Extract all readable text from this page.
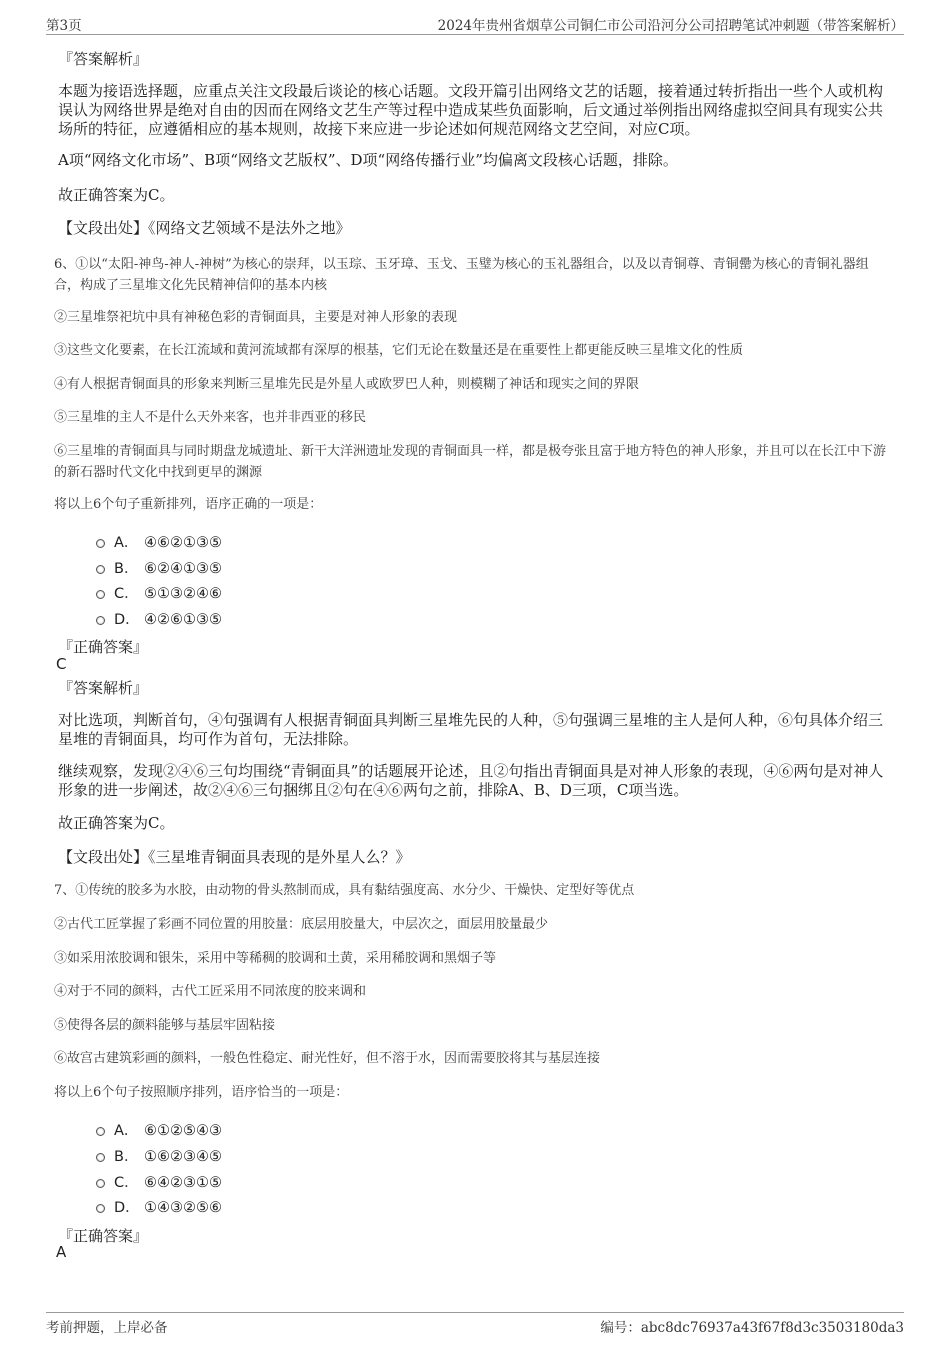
第3页	2024年贵州省烟草公司铜仁市公司沿河分公司招聘笔试冲刺题（带答案解析）
『答案解析』
本题为接语选择题，应重点关注文段最后谈论的核心话题。文段开篇引出网络文艺的话题，接着通过转折指出一些个人或机构误认为网络世界是绝对自由的因而在网络文艺生产等过程中造成某些负面影响，后文通过举例指出网络虚拟空间具有现实公共场所的特征，应遵循相应的基本规则，故接下来应进一步论述如何规范网络文艺空间，对应C项。
A项“网络文化市场”、B项“网络文艺版权”、D项“网络传播行业”均偏离文段核心话题，排除。
故正确答案为C。
【文段出处】《网络文艺领域不是法外之地》
6、①以“太阳-神鸟-神人-神树”为核心的崇拜，以玉琮、玉牙璋、玉戈、玉璧为核心的玉礼器组合，以及以青铜尊、青铜罍为核心的青铜礼器组合，构成了三星堆文化先民精神信仰的基本内核
②三星堆祭祀坑中具有神秘色彩的青铜面具，主要是对神人形象的表现
③这些文化要素，在长江流域和黄河流域都有深厚的根基，它们无论在数量还是在重要性上都更能反映三星堆文化的性质
④有人根据青铜面具的形象来判断三星堆先民是外星人或欧罗巴人种，则模糊了神话和现实之间的界限
⑤三星堆的主人不是什么天外来客，也并非西亚的移民
⑥三星堆的青铜面具与同时期盘龙城遗址、新干大洋洲遗址发现的青铜面具一样，都是极夸张且富于地方特色的神人形象，并且可以在长江中下游的新石器时代文化中找到更早的渊源
将以上6个句子重新排列，语序正确的一项是：
A． ④⑥②①③⑤
B． ⑥②④①③⑤
C． ⑤①③②④⑥
D． ④②⑥①③⑤
『正确答案』
C
『答案解析』
对比选项，判断首句，④句强调有人根据青铜面具判断三星堆先民的人种，⑤句强调三星堆的主人是何人种，⑥句具体介绍三星堆的青铜面具，均可作为首句，无法排除。
继续观察，发现②④⑥三句均围绕“青铜面具”的话题展开论述，且②句指出青铜面具是对神人形象的表现，④⑥两句是对神人形象的进一步阐述，故②④⑥三句捆绑且②句在④⑥两句之前，排除A、B、D三项，C项当选。
故正确答案为C。
【文段出处】《三星堆青铜面具表现的是外星人么？》
7、①传统的胶多为水胶，由动物的骨头熬制而成，具有黏结强度高、水分少、干燥快、定型好等优点
②古代工匠掌握了彩画不同位置的用胶量：底层用胶量大，中层次之，面层用胶量最少
③如采用浓胶调和银朱，采用中等稀稠的胶调和土黄，采用稀胶调和黑烟子等
④对于不同的颜料，古代工匠采用不同浓度的胶来调和
⑤使得各层的颜料能够与基层牢固粘接
⑥故宫古建筑彩画的颜料，一般色性稳定、耐光性好，但不溶于水，因而需要胶将其与基层连接
将以上6个句子按照顺序排列，语序恰当的一项是：
A． ⑥①②⑤④③
B． ①⑥②③④⑤
C． ⑥④②③①⑤
D． ①④③②⑤⑥
『正确答案』
A
考前押题，上岸必备	编号：abc8dc76937a43f67f8d3c3503180da3
